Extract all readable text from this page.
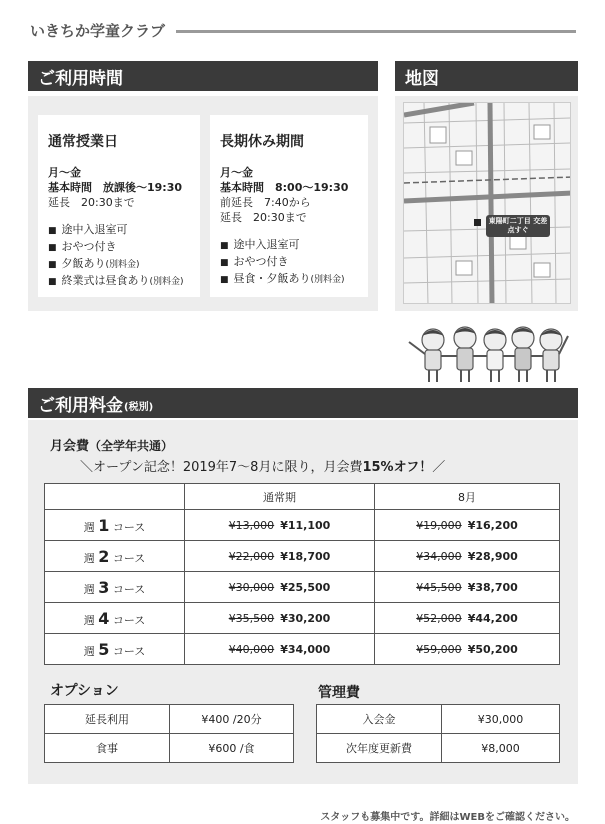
いきちか学童クラブ
ご利用時間
通常授業日
月〜金
基本時間　放課後〜19:30
延長　20:30まで
■ 途中入退室可
■ おやつ付き
■ 夕飯あり(別料金)
■ 終業式は昼食あり(別料金)
長期休み期間
月〜金
基本時間　8:00〜19:30
前延長　7:40から
延長　20:30まで
■ 途中入退室可
■ おやつ付き
■ 昼食・夕飯あり(別料金)
地図
東陽町二丁目 交差点すぐ
ご利用料金 (税別)
月会費（全学年共通）
＼オープン記念！2019年7〜8月に限り，月会費15%オフ！／
	通常期	8月
週 1 コース	¥13,000 ¥11,100	¥19,000 ¥16,200
週 2 コース	¥22,000 ¥18,700	¥34,000 ¥28,900
週 3 コース	¥30,000 ¥25,500	¥45,500 ¥38,700
週 4 コース	¥35,500 ¥30,200	¥52,000 ¥44,200
週 5 コース	¥40,000 ¥34,000	¥59,000 ¥50,200
オプション
延長利用	¥400 /20分
食事	¥600 /食
管理費
入会金	¥30,000
次年度更新費	¥8,000
スタッフも募集中です。詳細はWEBをご確認ください。
